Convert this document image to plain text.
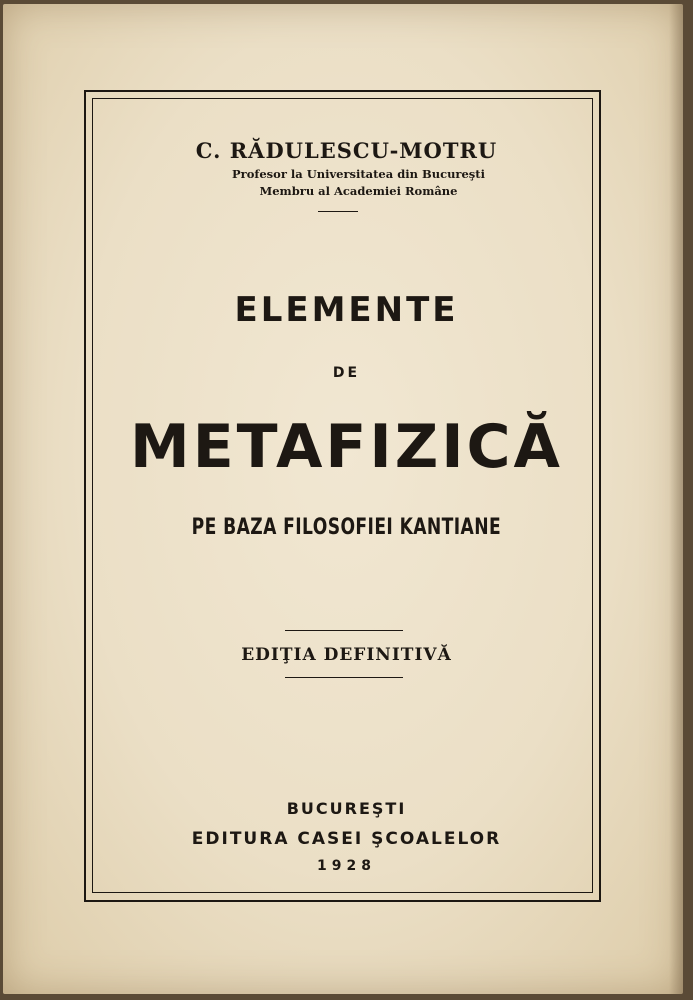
C. RĂDULESCU-MOTRU
Profesor la Universitatea din Bucureşti
Membru al Academiei Române
ELEMENTE
DE
METAFIZICĂ
PE BAZA FILOSOFIEI KANTIANE
EDIŢIA DEFINITIVĂ
BUCUREŞTI
EDITURA CASEI ŞCOALELOR
1928
